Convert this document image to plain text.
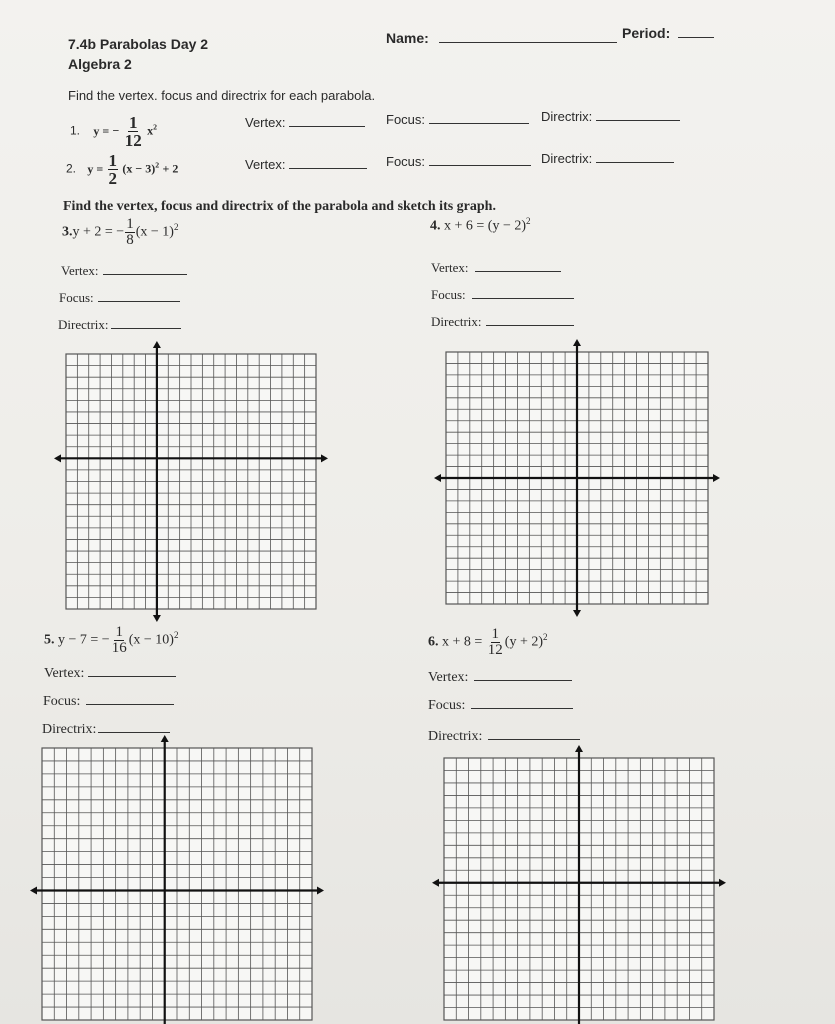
7.4b Parabolas Day 2
Algebra 2
Name:	Period:
Find the vertex. focus and directrix for each parabola.
1. y = − $\frac{1}{12} x^2$	Vertex:	Focus:	Directrix:
2. $y = \frac{1}{2} (x - 3)^2 + 2$	Vertex:	Focus:	Directrix:
Find the vertex, focus and directrix of the parabola and sketch its graph.
3.y + 2 = − $\frac{1}{8} (x - 1)^2$	4. $x + 6 = (y - 2)^2$
Vertex:
Focus:
Directrix:
Vertex:
Focus:
Directrix:
5. y − 7 = − $\frac{1}{16} (x - 10)^2$	6. $x + 8 = \frac{1}{12} (y + 2)^2$
Vertex:
Focus:
Directrix:
Vertex:
Focus:
Directrix:
